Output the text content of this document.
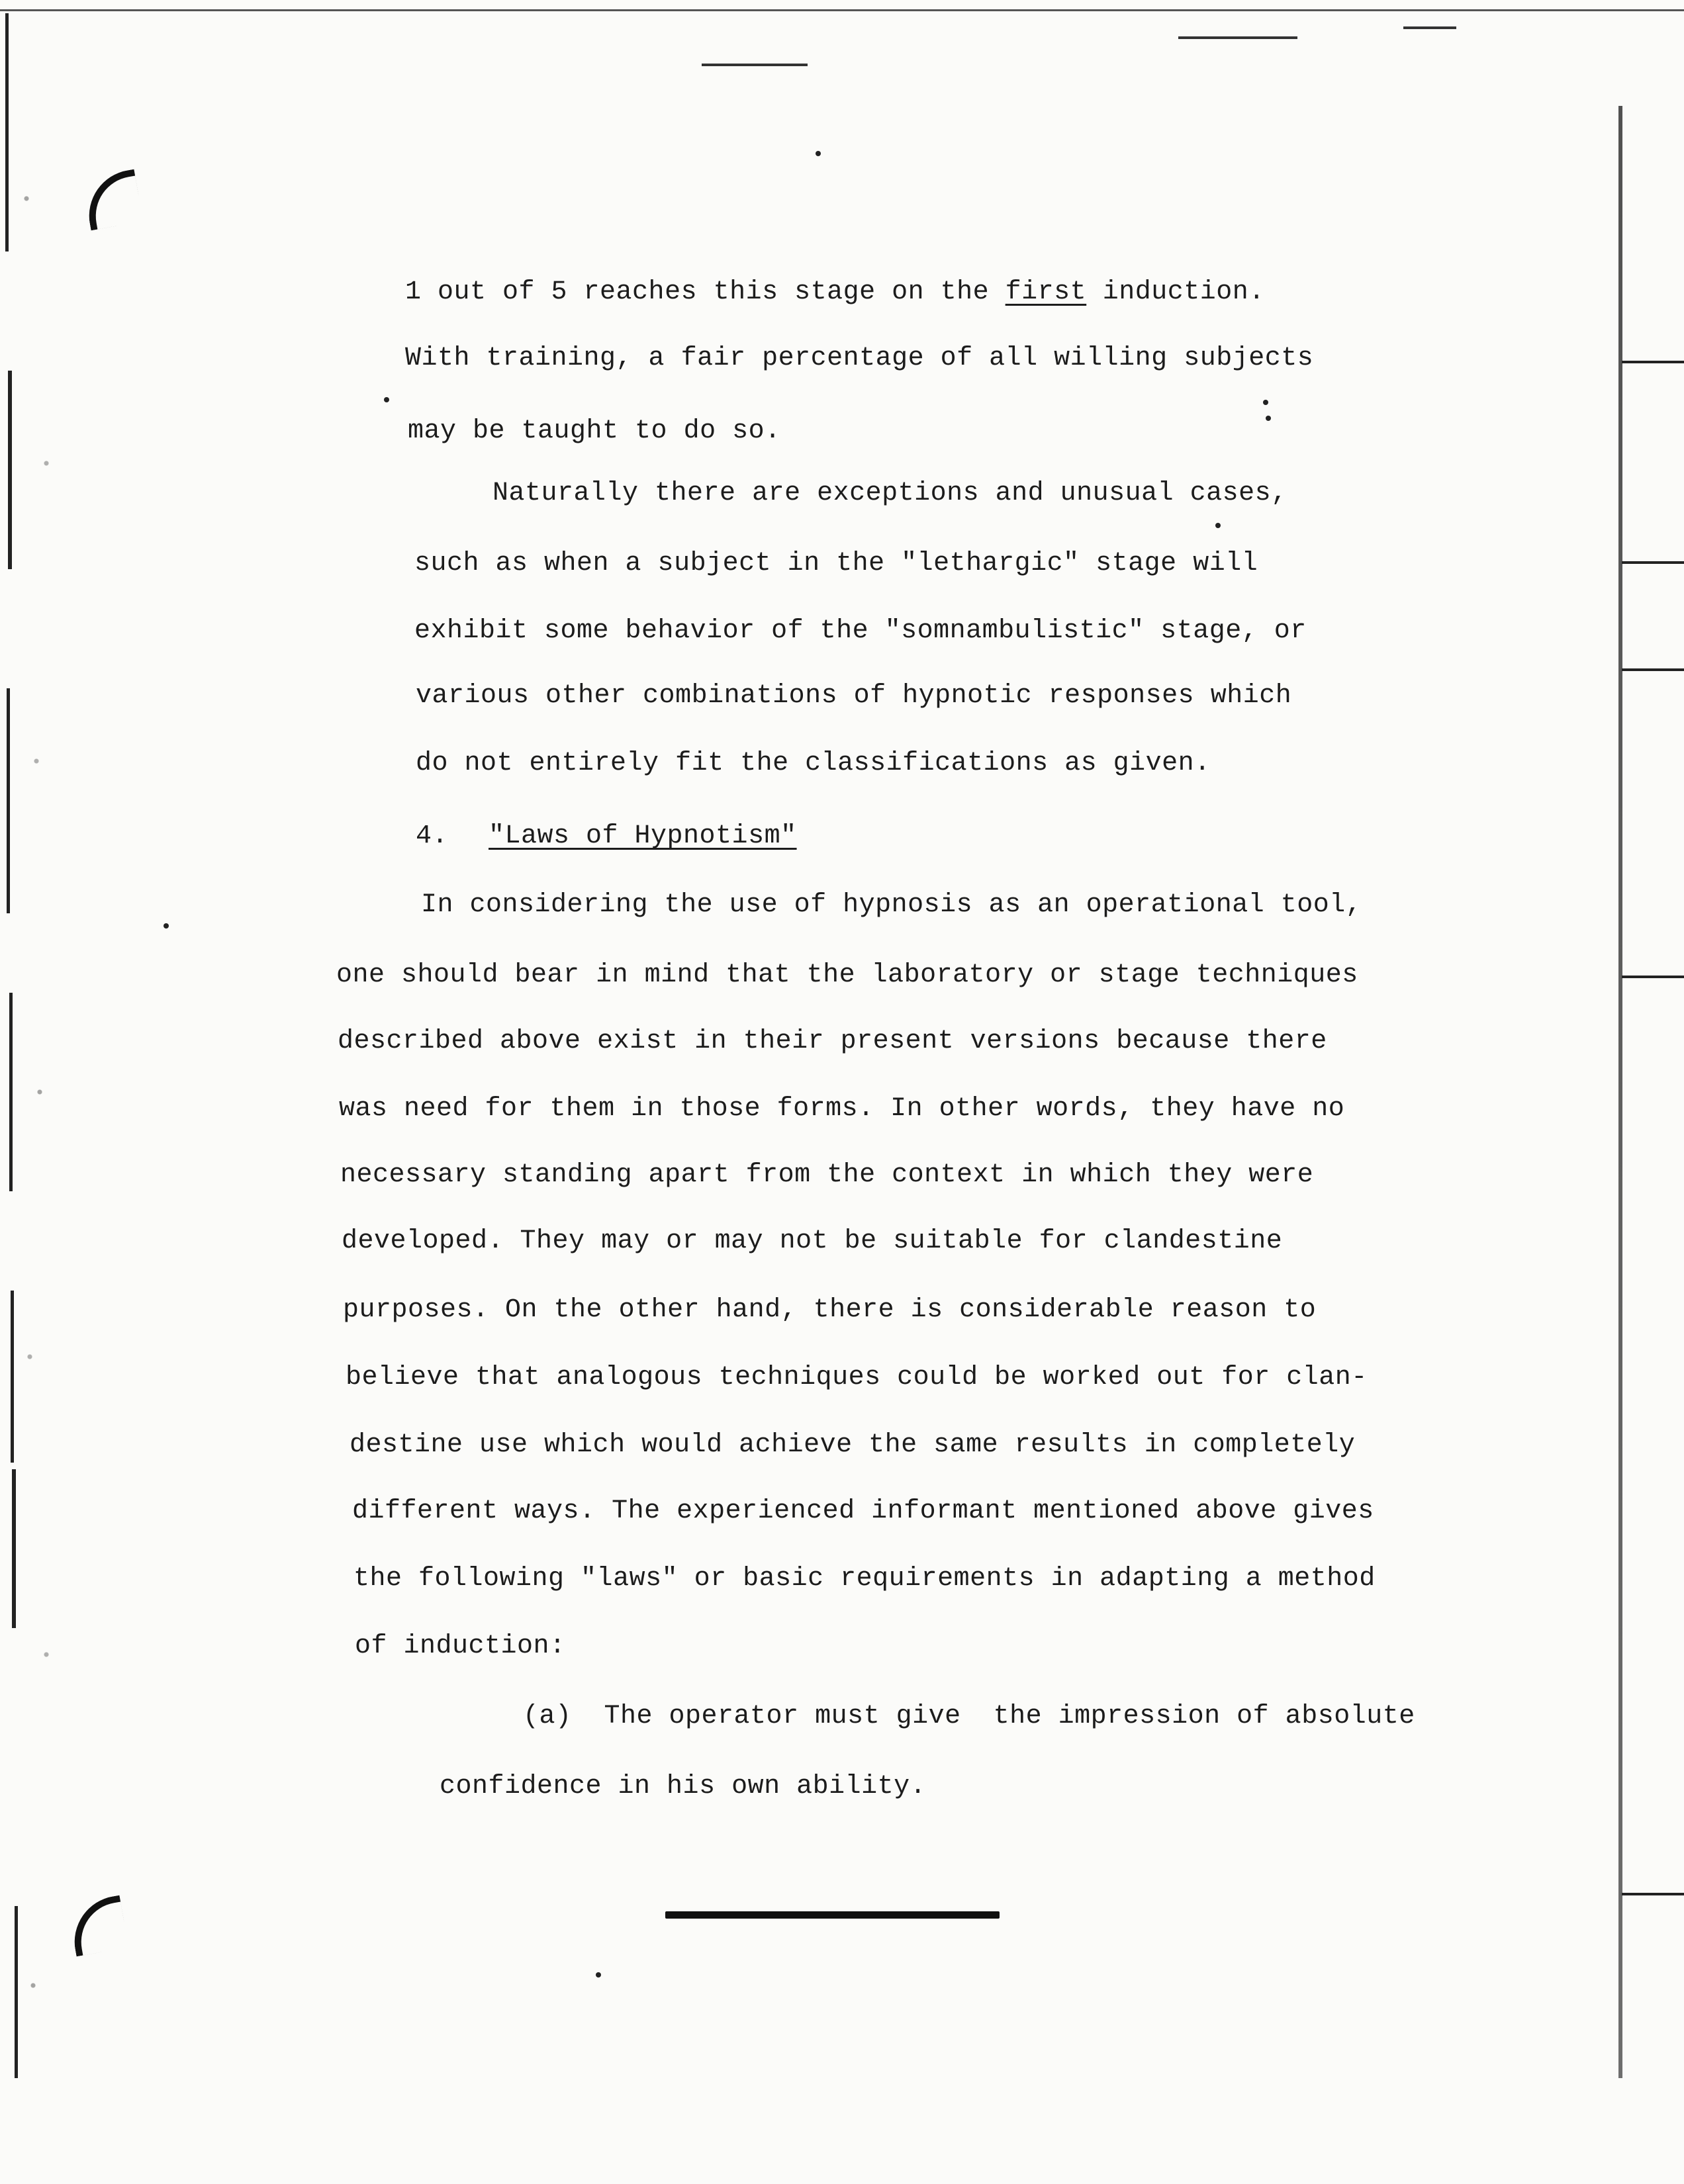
1 out of 5 reaches this stage on the first induction.
With training, a fair percentage of all willing subjects
may be taught to do so.
Naturally there are exceptions and unusual cases,
such as when a subject in the "lethargic" stage will
exhibit some behavior of the "somnambulistic" stage, or
various other combinations of hypnotic responses which
do not entirely fit the classifications as given.
4. "Laws of Hypnotism"
In considering the use of hypnosis as an operational tool,
one should bear in mind that the laboratory or stage techniques
described above exist in their present versions because there
was need for them in those forms. In other words, they have no
necessary standing apart from the context in which they were
developed. They may or may not be suitable for clandestine
purposes. On the other hand, there is considerable reason to
believe that analogous techniques could be worked out for clan-
destine use which would achieve the same results in completely
different ways. The experienced informant mentioned above gives
the following "laws" or basic requirements in adapting a method
of induction:
(a)  The operator must give  the impression of absolute
confidence in his own ability.
